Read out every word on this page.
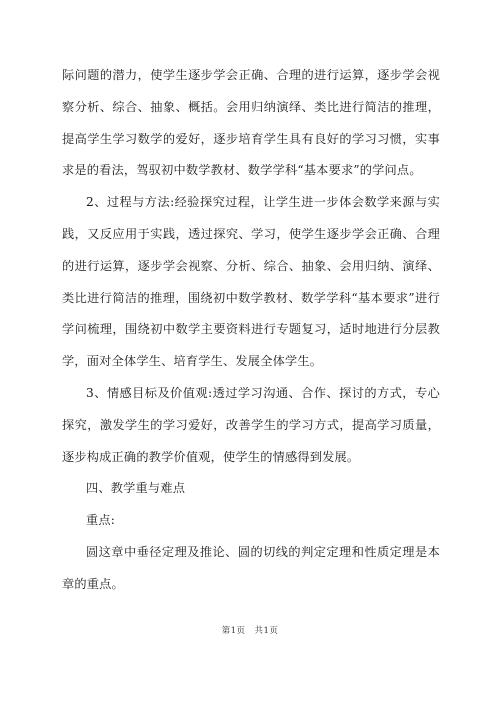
际问题的潜力，使学生逐步学会正确、合理的进行运算，逐步学会视察分析、综合、抽象、概括。会用归纳演绎、类比进行简洁的推理，提高学生学习数学的爱好，逐步培育学生具有良好的学习习惯，实事求是的看法，驾驭初中数学教材、数学学科“基本要求”的学问点。

2、过程与方法:经验探究过程，让学生进一步体会数学来源与实践，又反应用于实践，透过探究、学习，使学生逐步学会正确、合理的进行运算，逐步学会视察、分析、综合、抽象、会用归纳、演绎、类比进行简洁的推理，围绕初中数学教材、数学学科“基本要求”进行学问梳理，围绕初中数学主要资料进行专题复习，适时地进行分层教学，面对全体学生、培育学生、发展全体学生。

3、情感目标及价值观:透过学习沟通、合作、探讨的方式，专心探究，激发学生的学习爱好，改善学生的学习方式，提高学习质量，逐步构成正确的教学价值观，使学生的情感得到发展。

四、教学重与难点

重点:

圆这章中垂径定理及推论、圆的切线的判定定理和性质定理是本章的重点。

第1页　共1页
